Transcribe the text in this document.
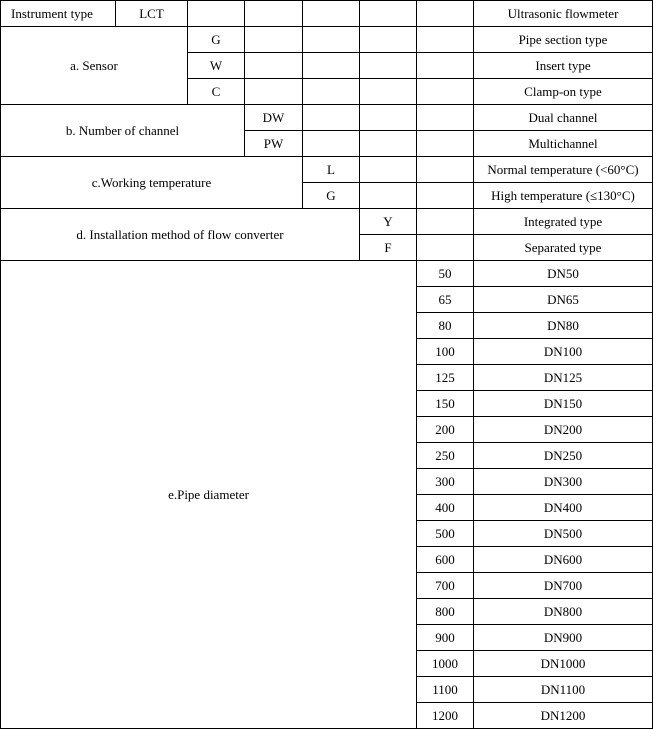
Instrument type	LCT						Ultrasonic flowmeter
a. Sensor		G					Pipe section type
		W					Insert type
		C					Clamp-on type
b. Number of channel			DW				Dual channel
			PW				Multichannel
c.Working temperature				L			Normal temperature (<60°C)
				G			High temperature (≤130°C)
d. Installation method of flow converter					Y		Integrated type
					F		Separated type
e.Pipe diameter						50	DN50
						65	DN65
						80	DN80
						100	DN100
						125	DN125
						150	DN150
						200	DN200
						250	DN250
						300	DN300
						400	DN400
						500	DN500
						600	DN600
						700	DN700
						800	DN800
						900	DN900
						1000	DN1000
						1100	DN1100
						1200	DN1200
